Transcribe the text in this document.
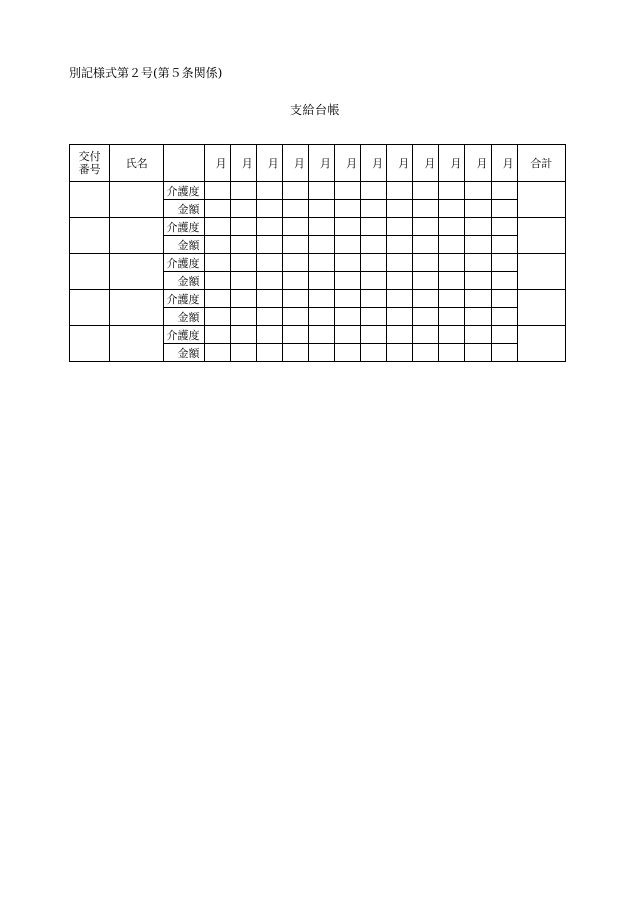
別記様式第２号(第５条関係)
支給台帳
交付
番号	氏名		月	月	月	月	月	月	月	月	月	月	月	月	合計
		介護度													
		金額													
		介護度													
		金額													
		介護度													
		金額													
		介護度													
		金額													
		介護度													
		金額													
